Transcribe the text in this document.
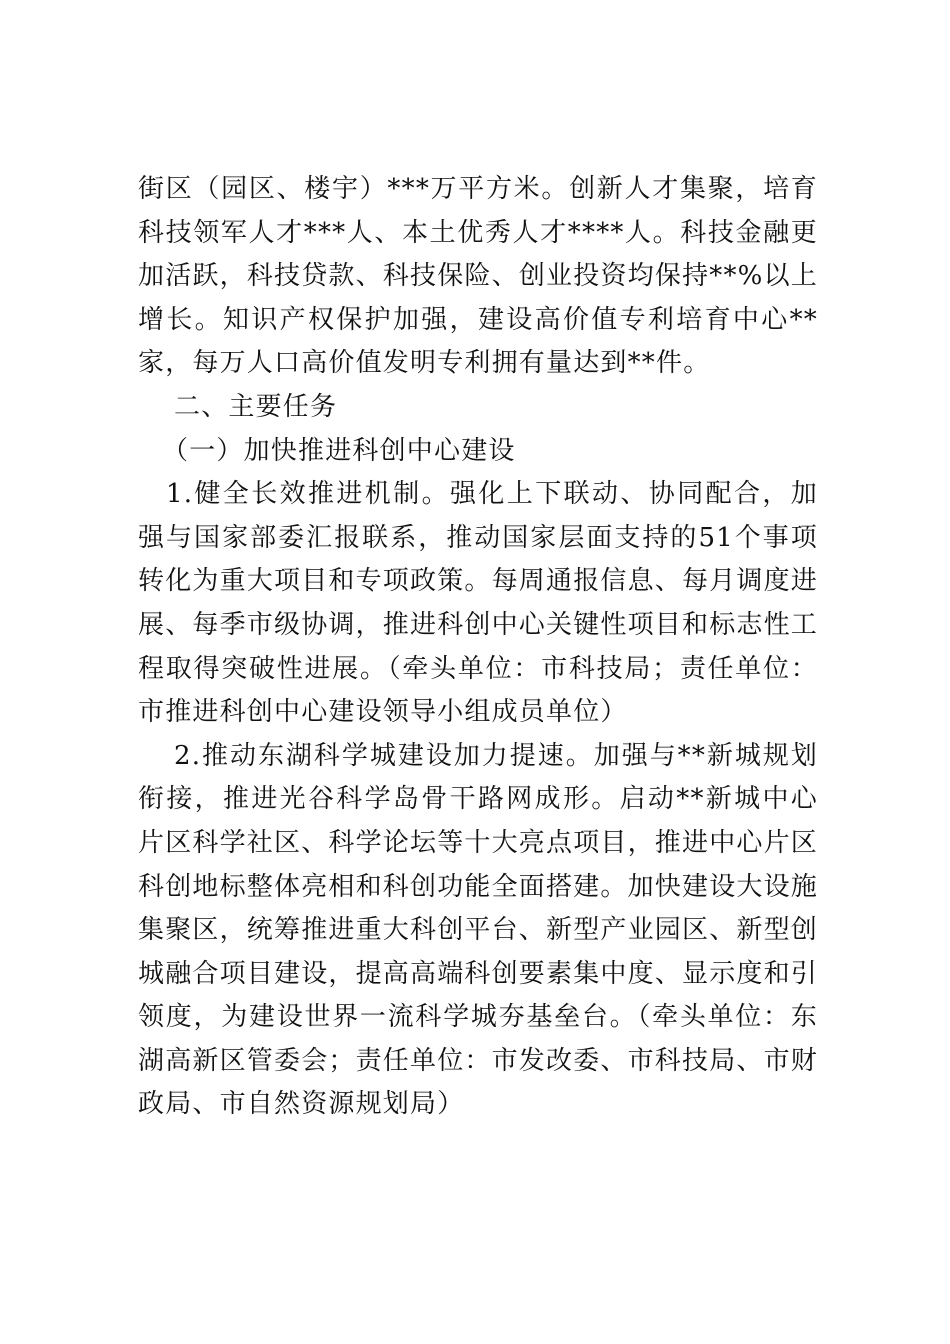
街区（园区、楼宇）***万平方米。创新人才集聚，培育科技领军人才***人、本土优秀人才****人。科技金融更加活跃，科技贷款、科技保险、创业投资均保持**%以上增长。知识产权保护加强，建设高价值专利培育中心**家，每万人口高价值发明专利拥有量达到**件。

二、主要任务

（一）加快推进科创中心建设

1.健全长效推进机制。强化上下联动、协同配合，加强与国家部委汇报联系，推动国家层面支持的51个事项转化为重大项目和专项政策。每周通报信息、每月调度进展、每季市级协调，推进科创中心关键性项目和标志性工程取得突破性进展。（牵头单位：市科技局；责任单位：市推进科创中心建设领导小组成员单位）

2.推动东湖科学城建设加力提速。加强与**新城规划衔接，推进光谷科学岛骨干路网成形。启动**新城中心片区科学社区、科学论坛等十大亮点项目，推进中心片区科创地标整体亮相和科创功能全面搭建。加快建设大设施集聚区，统筹推进重大科创平台、新型产业园区、新型创城融合项目建设，提高高端科创要素集中度、显示度和引领度，为建设世界一流科学城夯基垒台。（牵头单位：东湖高新区管委会；责任单位：市发改委、市科技局、市财政局、市自然资源规划局）
